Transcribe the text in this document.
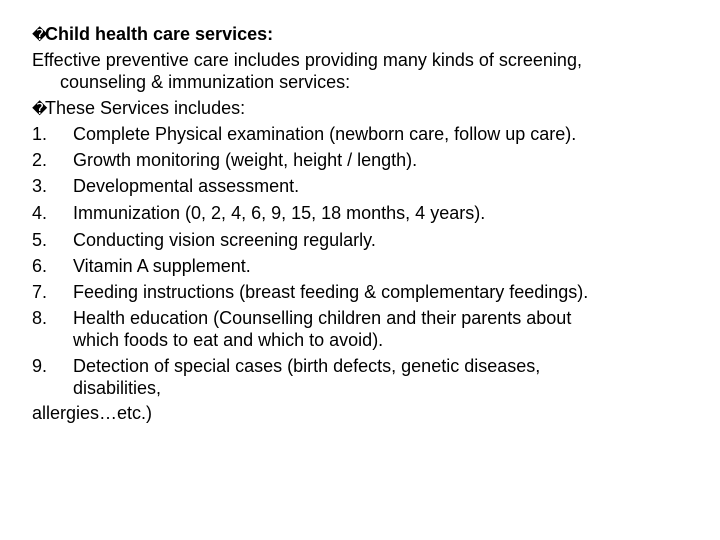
�Child health care services:
Effective preventive care includes providing many kinds of screening,
counseling & immunization services:
�These Services includes:
1. Complete Physical examination (newborn care, follow up care).
2. Growth monitoring (weight, height / length).
3. Developmental assessment.
4. Immunization (0, 2, 4, 6, 9, 15, 18 months, 4 years).
5. Conducting vision screening regularly.
6. Vitamin A supplement.
7. Feeding instructions (breast feeding & complementary feedings).
8. Health education (Counselling children and their parents about
which foods to eat and which to avoid).
9. Detection of special cases (birth defects, genetic diseases,
disabilities,
allergies…etc.)
